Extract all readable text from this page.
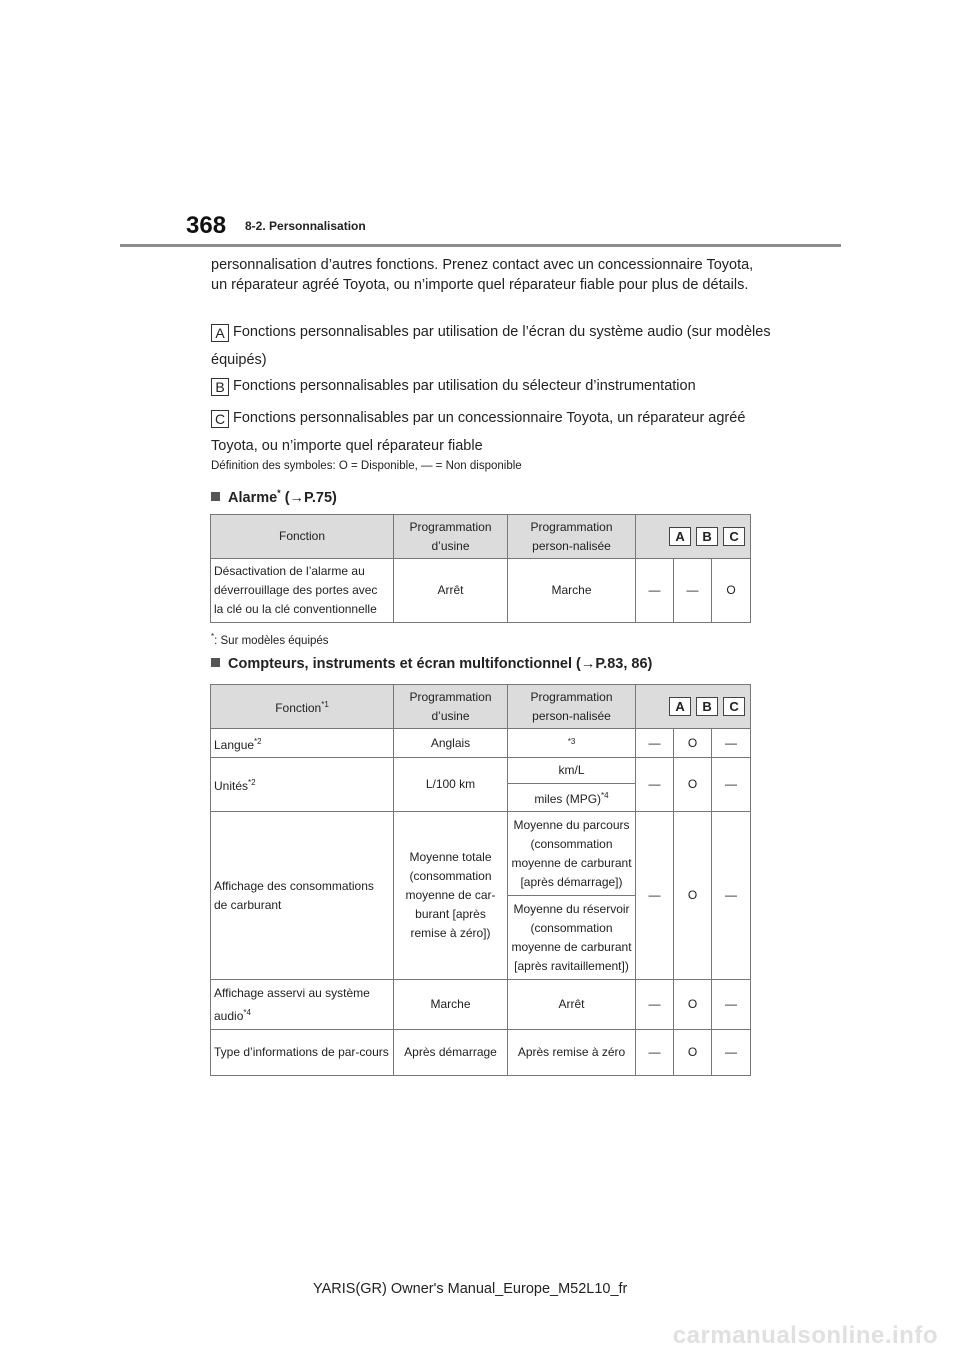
368 8-2. Personnalisation
personnalisation d’autres fonctions. Prenez contact avec un concessionnaire Toyota, un réparateur agréé Toyota, ou n’importe quel réparateur fiable pour plus de détails.
A Fonctions personnalisables par utilisation de l’écran du système audio (sur modèles équipés)
B Fonctions personnalisables par utilisation du sélecteur d’instrumentation
C Fonctions personnalisables par un concessionnaire Toyota, un réparateur agréé Toyota, ou n’importe quel réparateur fiable
Définition des symboles: O = Disponible, — = Non disponible
Alarme* (→P.75)
Fonction	Programmation d’usine	Programmation person-nalisée	A B C		

Désactivation de l’alarme au déverrouillage des portes avec la clé ou la clé conventionnelle	Arrêt	Marche	—	—	O
*: Sur modèles équipés
Compteurs, instruments et écran multifonctionnel (→P.83, 86)
Fonction$^{*1}$	Programmation d’usine	Programmation person-nalisée	A B C		

Langue$^{*2}$	Anglais	$^{*3}$	—	O	—
Unités$^{*2}$	L/100 km	km/L	—	O	—
		miles (MPG)$^{*4}$
Affichage des consommations de carburant	Moyenne totale (consommation moyenne de car-burant [après remise à zéro])	Moyenne du parcours (consommation moyenne de carburant [après démarrage])	—	O	—
		Moyenne du réservoir (consommation moyenne de carburant [après ravitaillement])			
Affichage asservi au système audio$^{*4}$	Marche	Arrêt	—	O	—
Type d’informations de par-cours	Après démarrage	Après remise à zéro	—	O	—
YARIS(GR) Owner's Manual_Europe_M52L10_fr
carmanualsonline.info
